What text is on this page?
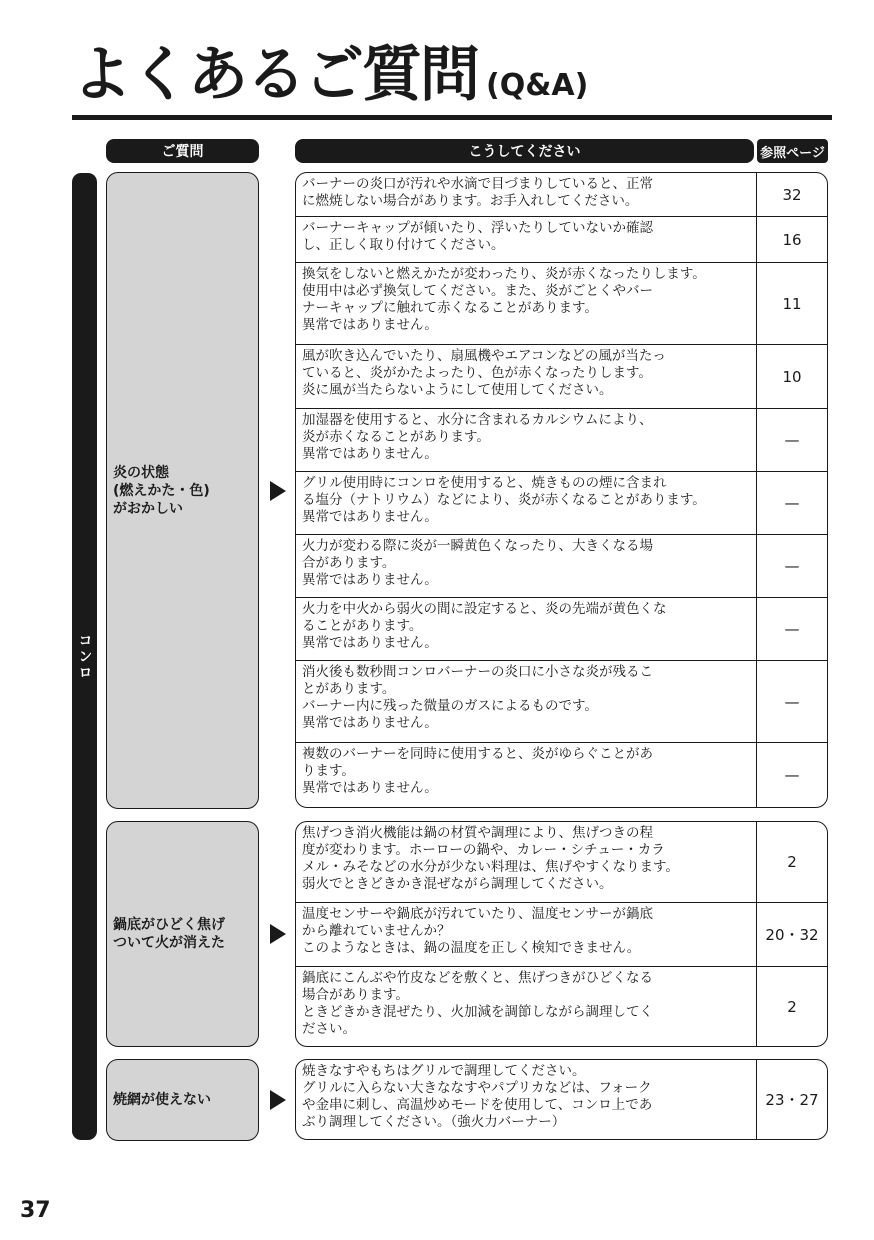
よくあるご質問 (Q&A)
ご質問	こうしてください	参照ページ
コンロ
炎の状態
(燃えかた・色)
がおかしい
バーナーの炎口が汚れや水滴で目づまりしていると、正常
に燃焼しない場合があります。お手入れしてください。	32
バーナーキャップが傾いたり、浮いたりしていないか確認
し、正しく取り付けてください。	16
換気をしないと燃えかたが変わったり、炎が赤くなったりします。
使用中は必ず換気してください。また、炎がごとくやバー
ナーキャップに触れて赤くなることがあります。
異常ではありません。
11
風が吹き込んでいたり、扇風機やエアコンなどの風が当たっ
ていると、炎がかたよったり、色が赤くなったりします。
炎に風が当たらないようにして使用してください。
10
加湿器を使用すると、水分に含まれるカルシウムにより、
炎が赤くなることがあります。
異常ではありません。
—
グリル使用時にコンロを使用すると、焼きものの煙に含まれ
る塩分（ナトリウム）などにより、炎が赤くなることがあります。
異常ではありません。
—
火力が変わる際に炎が一瞬黄色くなったり、大きくなる場
合があります。
異常ではありません。
—
火力を中火から弱火の間に設定すると、炎の先端が黄色くな
ることがあります。
異常ではありません。
—
消火後も数秒間コンロバーナーの炎口に小さな炎が残るこ
とがあります。
バーナー内に残った微量のガスによるものです。
異常ではありません。
—
複数のバーナーを同時に使用すると、炎がゆらぐことがあ
ります。
異常ではありません。
—
鍋底がひどく焦げ
ついて火が消えた
焦げつき消火機能は鍋の材質や調理により、焦げつきの程
度が変わります。ホーローの鍋や、カレー・シチュー・カラ
メル・みそなどの水分が少ない料理は、焦げやすくなります。
弱火でときどきかき混ぜながら調理してください。
2
温度センサーや鍋底が汚れていたり、温度センサーが鍋底
から離れていませんか？
このようなときは、鍋の温度を正しく検知できません。
20・32
鍋底にこんぶや竹皮などを敷くと、焦げつきがひどくなる
場合があります。
ときどきかき混ぜたり、火加減を調節しながら調理してく
ださい。
2
焼網が使えない
焼きなすやもちはグリルで調理してください。
グリルに入らない大きななすやパプリカなどは、フォーク
や金串に刺し、高温炒めモードを使用して、コンロ上であ
ぶり調理してください。（強火力バーナー）
23・27
37
